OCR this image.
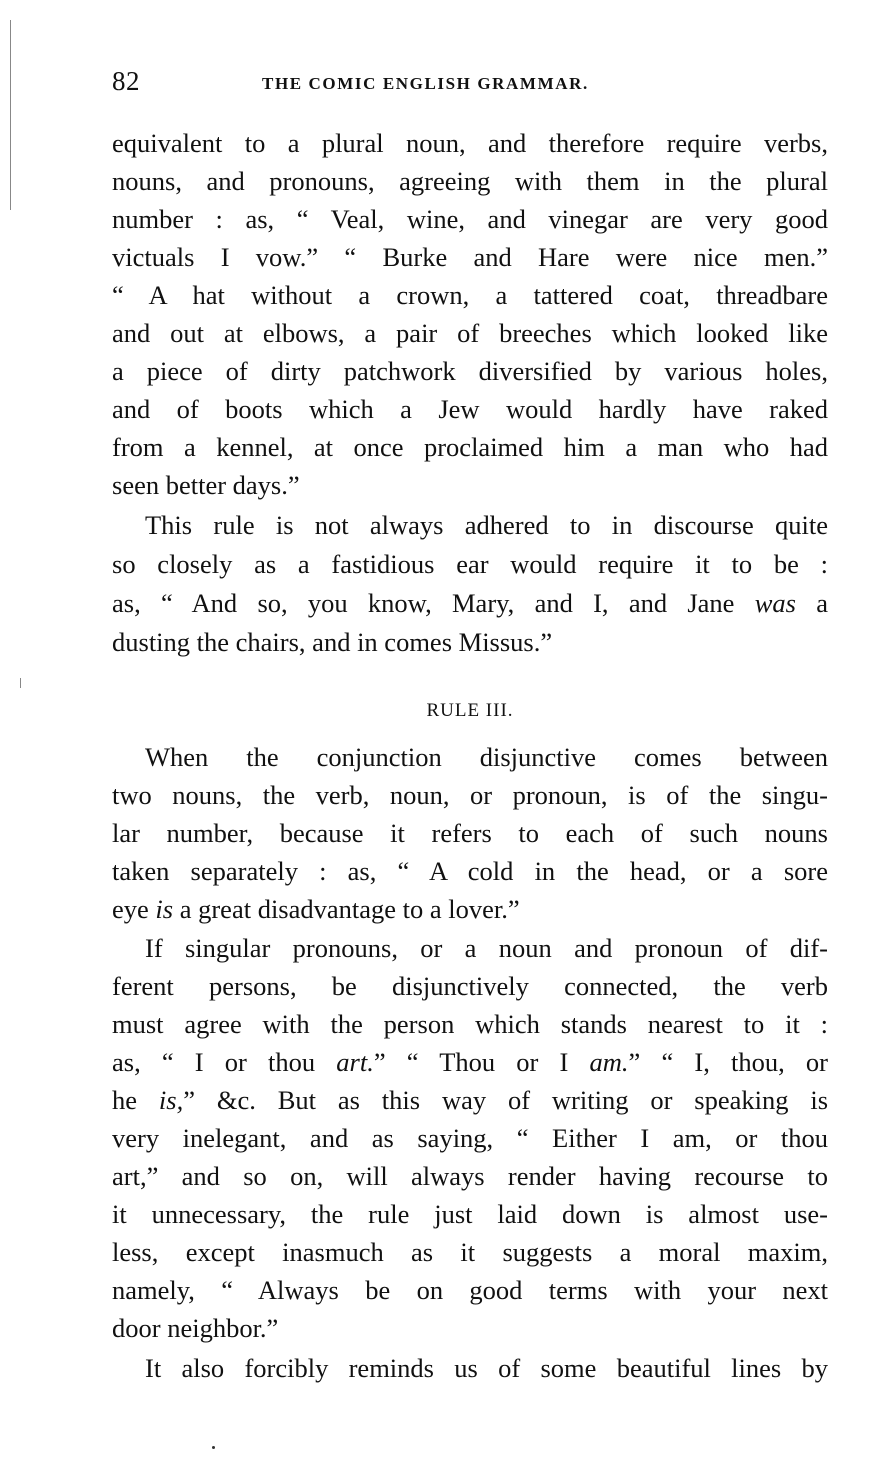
82	THE COMIC ENGLISH GRAMMAR.
equivalent to a plural noun, and therefore require verbs,
nouns, and pronouns, agreeing with them in the plural
number : as, “ Veal, wine, and vinegar are very good
victuals I vow.” “ Burke and Hare were nice men.”
“ A hat without a crown, a tattered coat, threadbare
and out at elbows, a pair of breeches which looked like
a piece of dirty patchwork diversified by various holes,
and of boots which a Jew would hardly have raked
from a kennel, at once proclaimed him a man who had
seen better days.”
This rule is not always adhered to in discourse quite
so closely as a fastidious ear would require it to be :
as, “ And so, you know, Mary, and I, and Jane was a
dusting the chairs, and in comes Missus.”
RULE III.
When the conjunction disjunctive comes between
two nouns, the verb, noun, or pronoun, is of the singu-
lar number, because it refers to each of such nouns
taken separately : as, “ A cold in the head, or a sore
eye is a great disadvantage to a lover.”
If singular pronouns, or a noun and pronoun of dif-
ferent persons, be disjunctively connected, the verb
must agree with the person which stands nearest to it :
as, “ I or thou art.” “ Thou or I am.” “ I, thou, or
he is,” &c. But as this way of writing or speaking is
very inelegant, and as saying, “ Either I am, or thou
art,” and so on, will always render having recourse to
it unnecessary, the rule just laid down is almost use-
less, except inasmuch as it suggests a moral maxim,
namely, “ Always be on good terms with your next
door neighbor.”
It also forcibly reminds us of some beautiful lines by
